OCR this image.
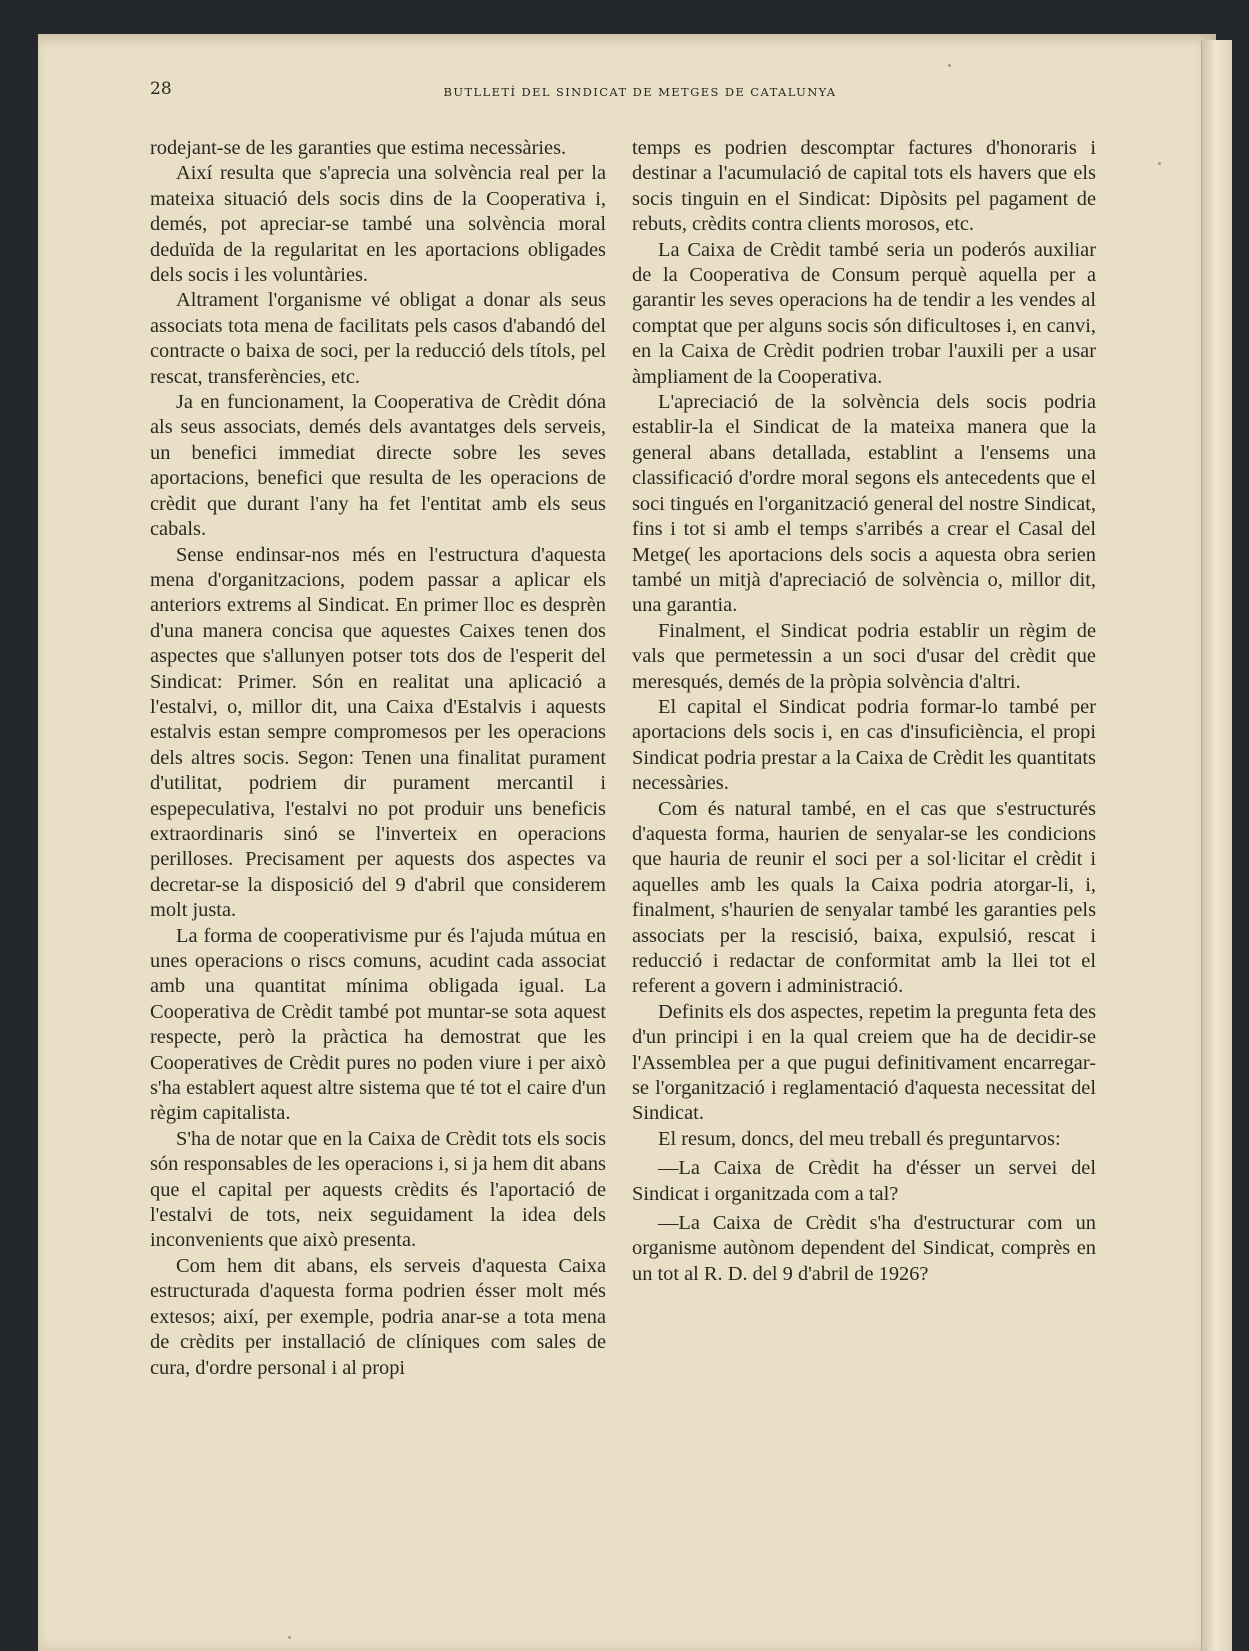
28	BUTLLETÍ DEL SINDICAT DE METGES DE CATALUNYA

rodejant-se de les garanties que estima necessàries.

Així resulta que s'aprecia una solvència real per la mateixa situació dels socis dins de la Cooperativa i, demés, pot apreciar-se també una solvència moral deduïda de la regularitat en les aportacions obligades dels socis i les voluntàries.

Altrament l'organisme vé obligat a donar als seus associats tota mena de facilitats pels casos d'abandó del contracte o baixa de soci, per la reducció dels títols, pel rescat, transferències, etc.

Ja en funcionament, la Cooperativa de Crèdit dóna als seus associats, demés dels avantatges dels serveis, un benefici immediat directe sobre les seves aportacions, benefici que resulta de les operacions de crèdit que durant l'any ha fet l'entitat amb els seus cabals.

Sense endinsar-nos més en l'estructura d'aquesta mena d'organitzacions, podem passar a aplicar els anteriors extrems al Sindicat. En primer lloc es desprèn d'una manera concisa que aquestes Caixes tenen dos aspectes que s'allunyen potser tots dos de l'esperit del Sindicat: Primer. Són en realitat una aplicació a l'estalvi, o, millor dit, una Caixa d'Estalvis i aquests estalvis estan sempre compromesos per les operacions dels altres socis. Segon: Tenen una finalitat purament d'utilitat, podriem dir purament mercantil i espepeculativa, l'estalvi no pot produir uns beneficis extraordinaris sinó se l'inverteix en operacions perilloses. Precisament per aquests dos aspectes va decretar-se la disposició del 9 d'abril que considerem molt justa.

La forma de cooperativisme pur és l'ajuda mútua en unes operacions o riscs comuns, acudint cada associat amb una quantitat mínima obligada igual. La Cooperativa de Crèdit també pot muntar-se sota aquest respecte, però la pràctica ha demostrat que les Cooperatives de Crèdit pures no poden viure i per això s'ha establert aquest altre sistema que té tot el caire d'un règim capitalista.

S'ha de notar que en la Caixa de Crèdit tots els socis són responsables de les operacions i, si ja hem dit abans que el capital per aquests crèdits és l'aportació de l'estalvi de tots, neix seguidament la idea dels inconvenients que això presenta.

Com hem dit abans, els serveis d'aquesta Caixa estructurada d'aquesta forma podrien ésser molt més extesos; així, per exemple, podria anar-se a tota mena de crèdits per installació de clíniques com sales de cura, d'ordre personal i al propi

temps es podrien descomptar factures d'honoraris i destinar a l'acumulació de capital tots els havers que els socis tinguin en el Sindicat: Dipòsits pel pagament de rebuts, crèdits contra clients morosos, etc.

La Caixa de Crèdit també seria un poderós auxiliar de la Cooperativa de Consum perquè aquella per a garantir les seves operacions ha de tendir a les vendes al comptat que per alguns socis són dificultoses i, en canvi, en la Caixa de Crèdit podrien trobar l'auxili per a usar àmpliament de la Cooperativa.

L'apreciació de la solvència dels socis podria establir-la el Sindicat de la mateixa manera que la general abans detallada, establint a l'ensems una classificació d'ordre moral segons els antecedents que el soci tingués en l'organització general del nostre Sindicat, fins i tot si amb el temps s'arribés a crear el Casal del Metge( les aportacions dels socis a aquesta obra serien també un mitjà d'apreciació de solvència o, millor dit, una garantia.

Finalment, el Sindicat podria establir un règim de vals que permetessin a un soci d'usar del crèdit que meresqués, demés de la pròpia solvència d'altri.

El capital el Sindicat podria formar-lo també per aportacions dels socis i, en cas d'insuficiència, el propi Sindicat podria prestar a la Caixa de Crèdit les quantitats necessàries.

Com és natural també, en el cas que s'estructurés d'aquesta forma, haurien de senyalar-se les condicions que hauria de reunir el soci per a sol·licitar el crèdit i aquelles amb les quals la Caixa podria atorgar-li, i, finalment, s'haurien de senyalar també les garanties pels associats per la rescisió, baixa, expulsió, rescat i reducció i redactar de conformitat amb la llei tot el referent a govern i administració.

Definits els dos aspectes, repetim la pregunta feta des d'un principi i en la qual creiem que ha de decidir-se l'Assemblea per a que pugui definitivament encarregar-se l'organització i reglamentació d'aquesta necessitat del Sindicat.

El resum, doncs, del meu treball és preguntarvos:

—La Caixa de Crèdit ha d'ésser un servei del Sindicat i organitzada com a tal?

—La Caixa de Crèdit s'ha d'estructurar com un organisme autònom dependent del Sindicat, comprès en un tot al R. D. del 9 d'abril de 1926?
